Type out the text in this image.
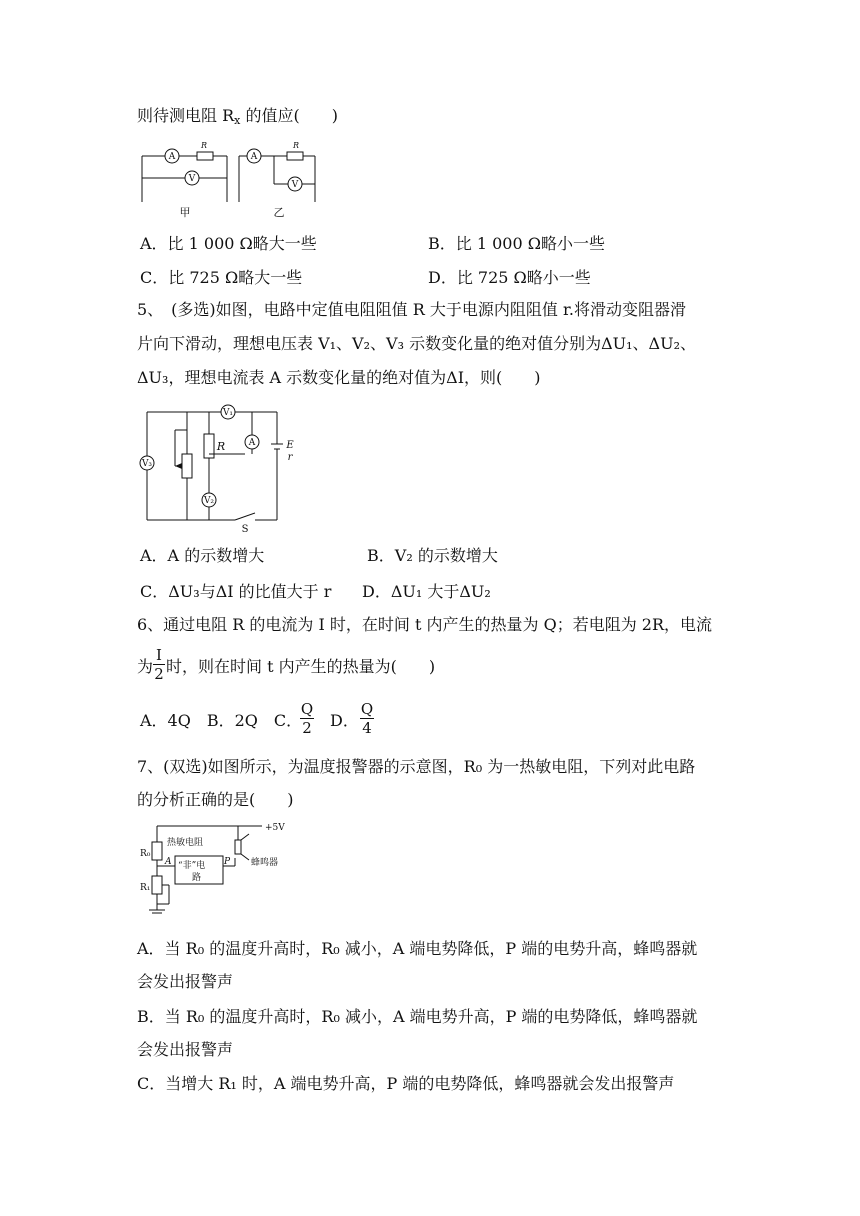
则待测电阻 $R_x$ 的值应(　　)
A
V
A
V
R	R
甲	乙
A．比 1 000 Ω略大一些	B．比 1 000 Ω略小一些
C．比 725 Ω略大一些	D．比 725 Ω略小一些
5、　(多选)如图，电路中定值电阻阻值 R 大于电源内阻阻值 r.将滑动变阻器滑
片向下滑动，理想电压表 V₁、V₂、V₃ 示数变化量的绝对值分别为ΔU₁、ΔU₂、
ΔU₃，理想电流表 A 示数变化量的绝对值为ΔI，则(　　)
V₁
V₃
V₂
A
R	E
r
S
A．A 的示数增大	B．V₂ 的示数增大
C．ΔU₃与ΔI 的比值大于 r D．ΔU₁ 大于ΔU₂
6、通过电阻 R 的电流为 I 时，在时间 t 内产生的热量为 Q；若电阻为 2R，电流
为
I
2 时，则在时间 t 内产生的热量为(　　)
A．4Q　B．2Q　C．
Q
2 D．
Q
4
7、(双选)如图所示，为温度报警器的示意图，R₀ 为一热敏电阻，下列对此电路
的分析正确的是(　　)
+5V
热敏电阻
R₀
A “非”电
路
P 蜂鸣器
R₁
A．当 R₀ 的温度升高时，R₀ 减小，A 端电势降低，P 端的电势升高，蜂鸣器就
会发出报警声
B．当 R₀ 的温度升高时，R₀ 减小，A 端电势升高，P 端的电势降低，蜂鸣器就
会发出报警声
C．当增大 R₁ 时，A 端电势升高，P 端的电势降低，蜂鸣器就会发出报警声
